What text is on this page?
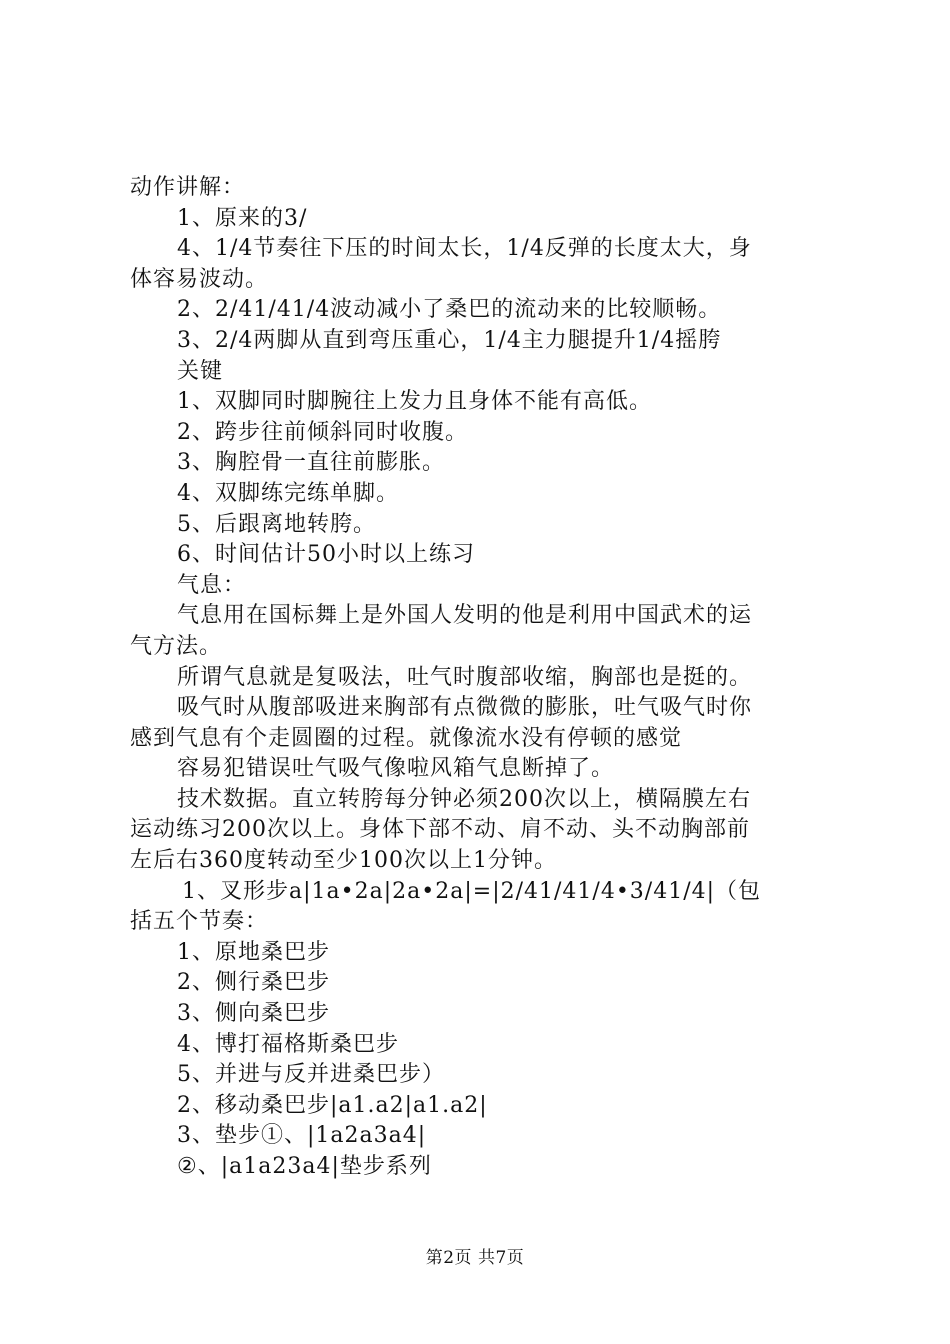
动作讲解：
1、原来的3/
4、1/4节奏往下压的时间太长，1/4反弹的长度太大，身
体容易波动。
2、2/41/41/4波动减小了桑巴的流动来的比较顺畅。
3、2/4两脚从直到弯压重心，1/4主力腿提升1/4摇胯
关键
1、双脚同时脚腕往上发力且身体不能有高低。
2、跨步往前倾斜同时收腹。
3、胸腔骨一直往前膨胀。
4、双脚练完练单脚。
5、后跟离地转胯。
6、时间估计50小时以上练习
气息：
气息用在国标舞上是外国人发明的他是利用中国武术的运
气方法。
所谓气息就是复吸法，吐气时腹部收缩，胸部也是挺的。
吸气时从腹部吸进来胸部有点微微的膨胀，吐气吸气时你
感到气息有个走圆圈的过程。就像流水没有停顿的感觉
容易犯错误吐气吸气像啦风箱气息断掉了。
技术数据。直立转胯每分钟必须200次以上，横隔膜左右
运动练习200次以上。身体下部不动、肩不动、头不动胸部前
左后右360度转动至少100次以上1分钟。
1、叉形步a|1a•2a|2a•2a|=|2/41/41/4•3/41/4|（包
括五个节奏：
1、原地桑巴步
2、侧行桑巴步
3、侧向桑巴步
4、博打福格斯桑巴步
5、并进与反并进桑巴步）
2、移动桑巴步|a1.a2|a1.a2|
3、垫步①、|1a2a3a4|
②、|a1a23a4|垫步系列
第2页 共7页
